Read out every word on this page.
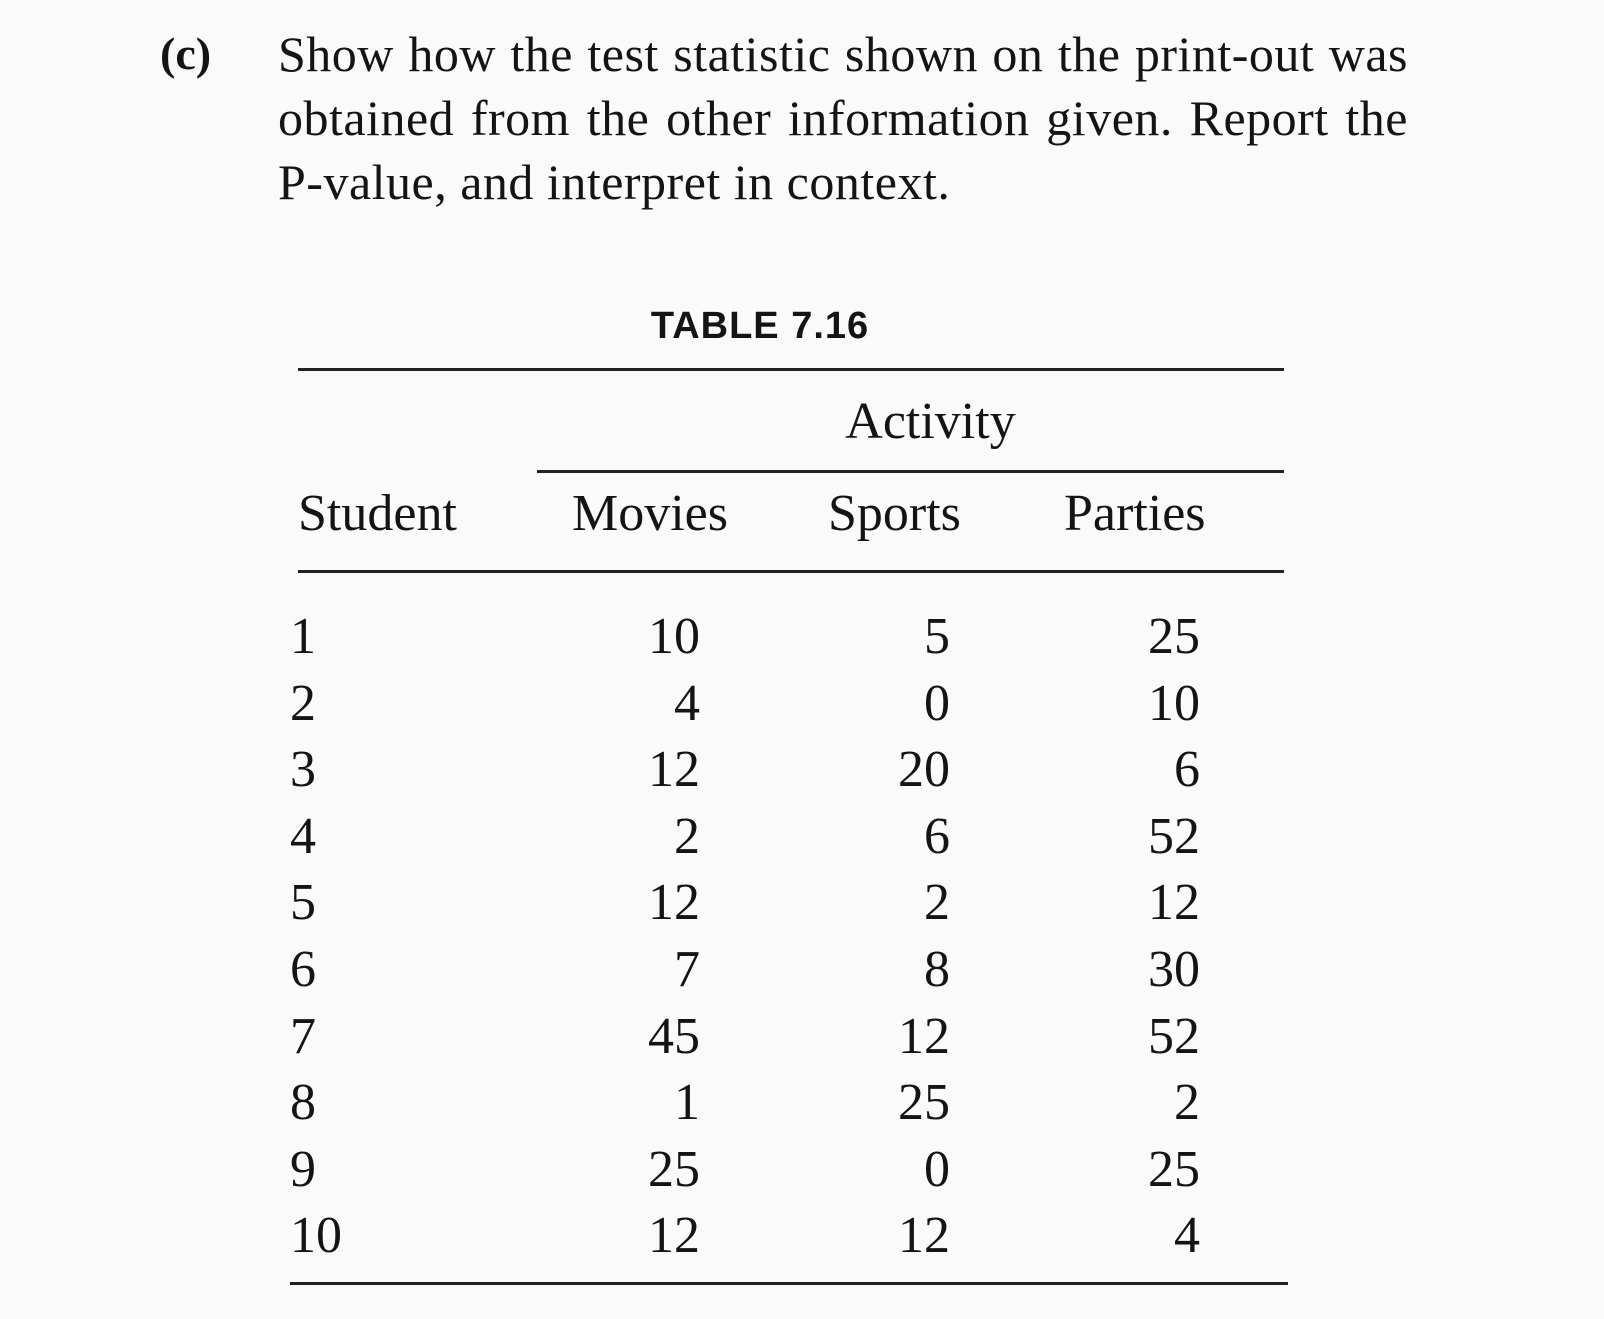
(c) Show how the test statistic shown on the print-out was obtained from the other information given. Report the P-value, and interpret in context.
TABLE 7.16
Activity
Student Movies Sports Parties
1	10	5	25
2	4	0	10
3	12	20	6
4	2	6	52
5	12	2	12
6	7	8	30
7	45	12	52
8	1	25	2
9	25	0	25
10	12	12	4
